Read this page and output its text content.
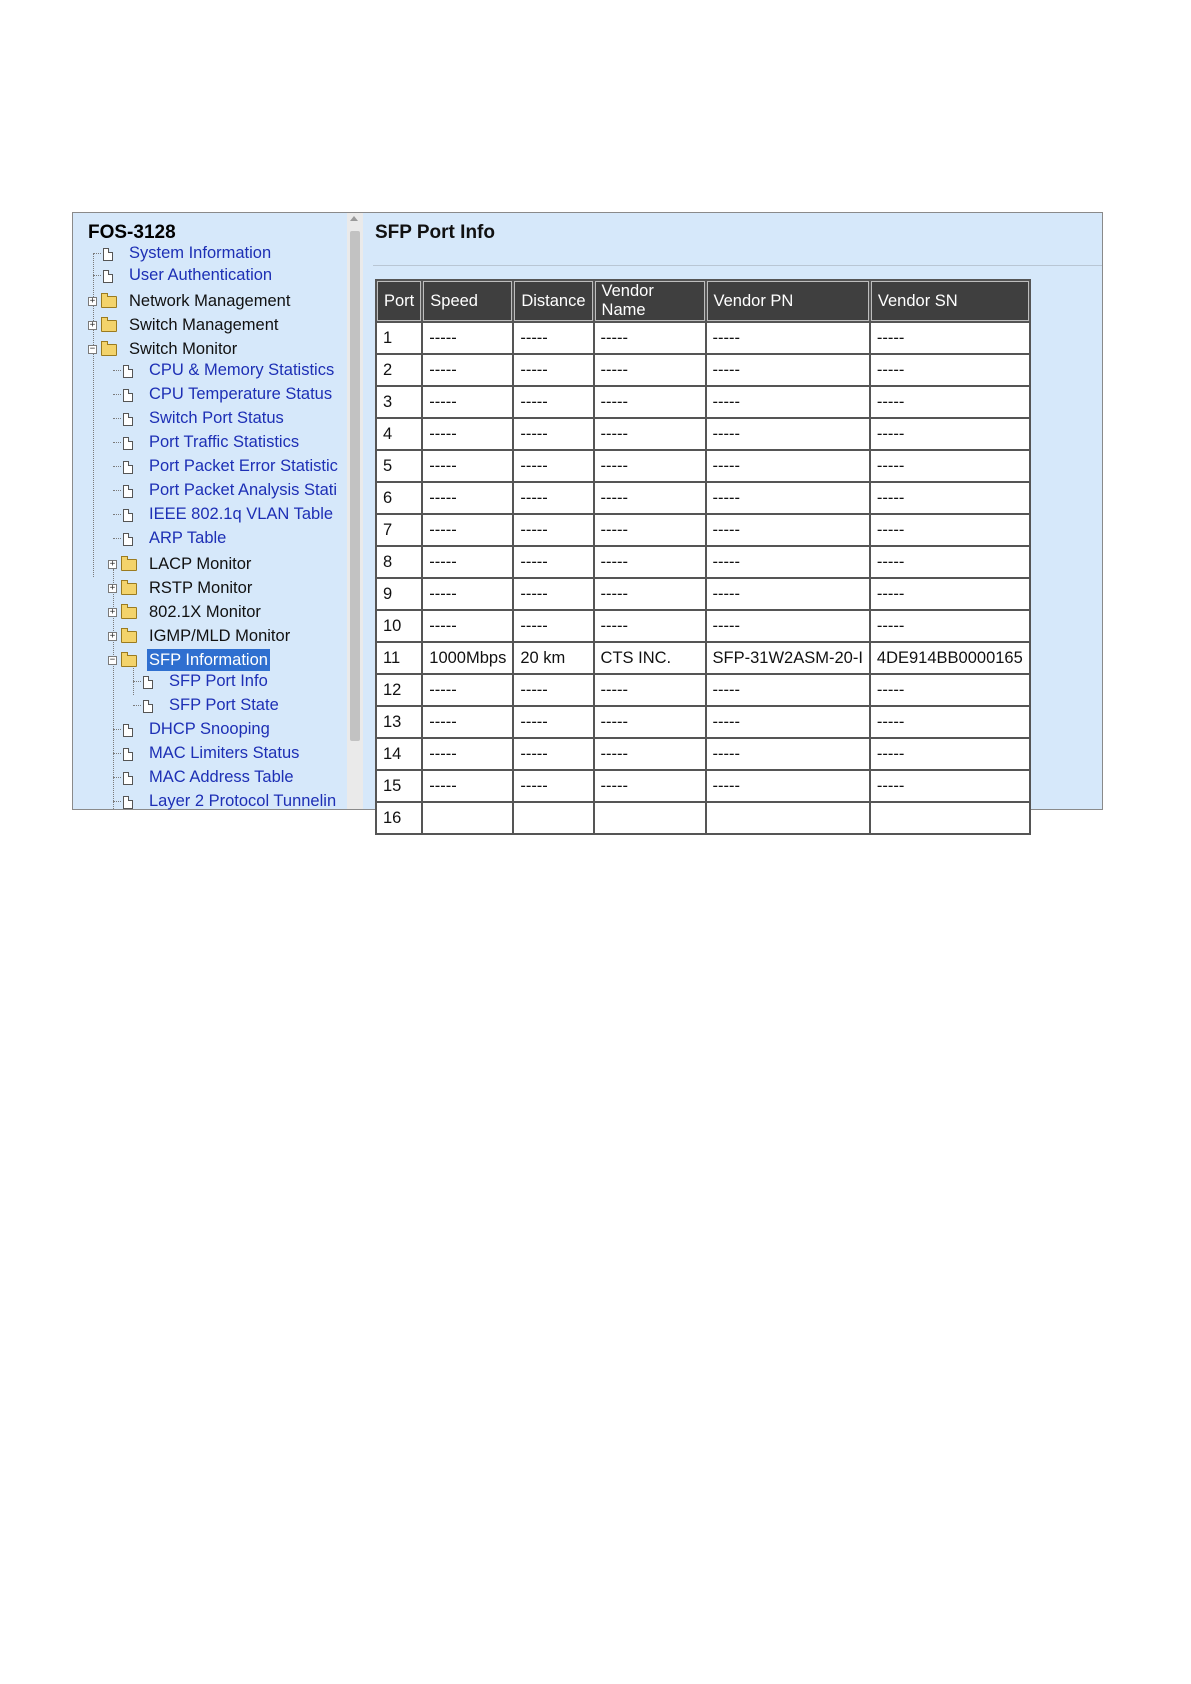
FOS-3128
System Information
User Authentication
+ Network Management
+ Switch Management
− Switch Monitor
CPU & Memory Statistics
CPU Temperature Status
Switch Port Status
Port Traffic Statistics
Port Packet Error Statistic
Port Packet Analysis Stati
IEEE 802.1q VLAN Table
ARP Table
+ LACP Monitor
+ RSTP Monitor
+ 802.1X Monitor
+ IGMP/MLD Monitor
− SFP Information
SFP Port Info
SFP Port State
DHCP Snooping
MAC Limiters Status
MAC Address Table
Layer 2 Protocol Tunnelin
SFP Port Info
Port	Speed	Distance	Vendor Name	Vendor PN	Vendor SN
1	-----	-----	-----	-----	-----
2	-----	-----	-----	-----	-----
3	-----	-----	-----	-----	-----
4	-----	-----	-----	-----	-----
5	-----	-----	-----	-----	-----
6	-----	-----	-----	-----	-----
7	-----	-----	-----	-----	-----
8	-----	-----	-----	-----	-----
9	-----	-----	-----	-----	-----
10	-----	-----	-----	-----	-----
11	1000Mbps	20 km	CTS INC.	SFP-31W2ASM-20-I	4DE914BB0000165
12	-----	-----	-----	-----	-----
13	-----	-----	-----	-----	-----
14	-----	-----	-----	-----	-----
15	-----	-----	-----	-----	-----
16					
